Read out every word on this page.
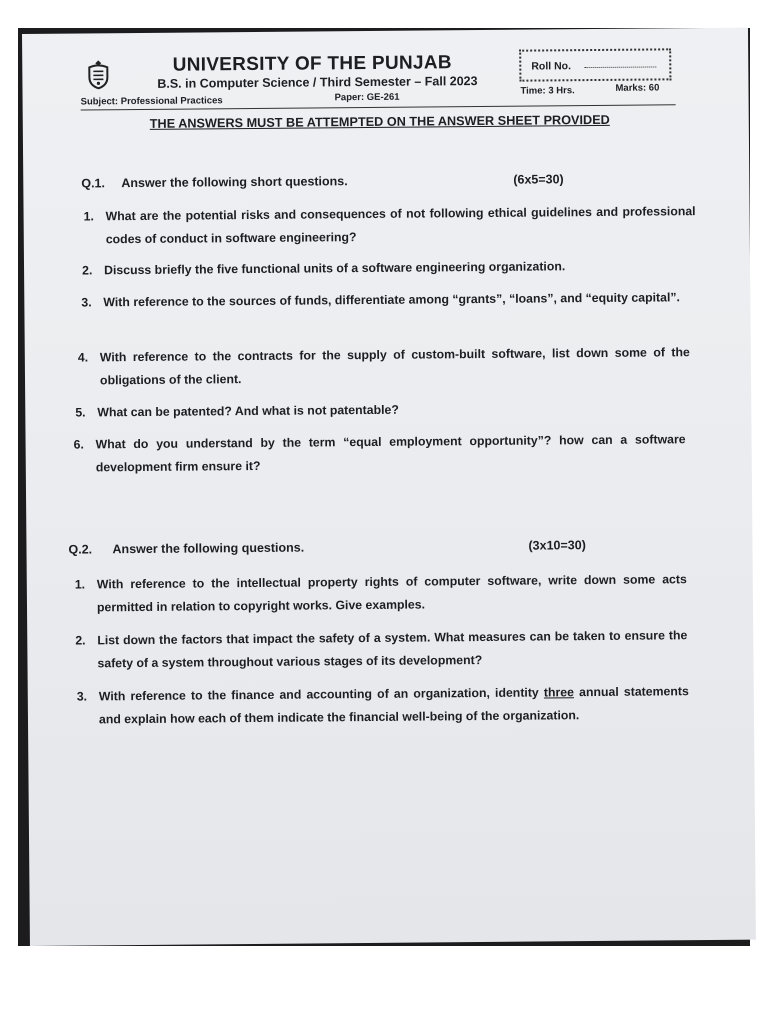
UNIVERSITY OF THE PUNJAB
B.S. in Computer Science / Third Semester – Fall 2023
Subject: Professional Practices	Paper: GE-261
Roll No.
Time: 3 Hrs.	Marks: 60
THE ANSWERS MUST BE ATTEMPTED ON THE ANSWER SHEET PROVIDED
Q.1. Answer the following short questions.	(6x5=30)
1. What are the potential risks and consequences of not following ethical guidelines and professional codes of conduct in software engineering?
2. Discuss briefly the five functional units of a software engineering organization.
3. With reference to the sources of funds, differentiate among “grants”, “loans”, and “equity capital”.
4. With reference to the contracts for the supply of custom-built software, list down some of the obligations of the client.
5. What can be patented? And what is not patentable?
6. What do you understand by the term “equal employment opportunity”? how can a software development firm ensure it?
Q.2. Answer the following questions.	(3x10=30)
1. With reference to the intellectual property rights of computer software, write down some acts permitted in relation to copyright works. Give examples.
2. List down the factors that impact the safety of a system. What measures can be taken to ensure the safety of a system throughout various stages of its development?
3. With reference to the finance and accounting of an organization, identity three annual statements and explain how each of them indicate the financial well-being of the organization.
